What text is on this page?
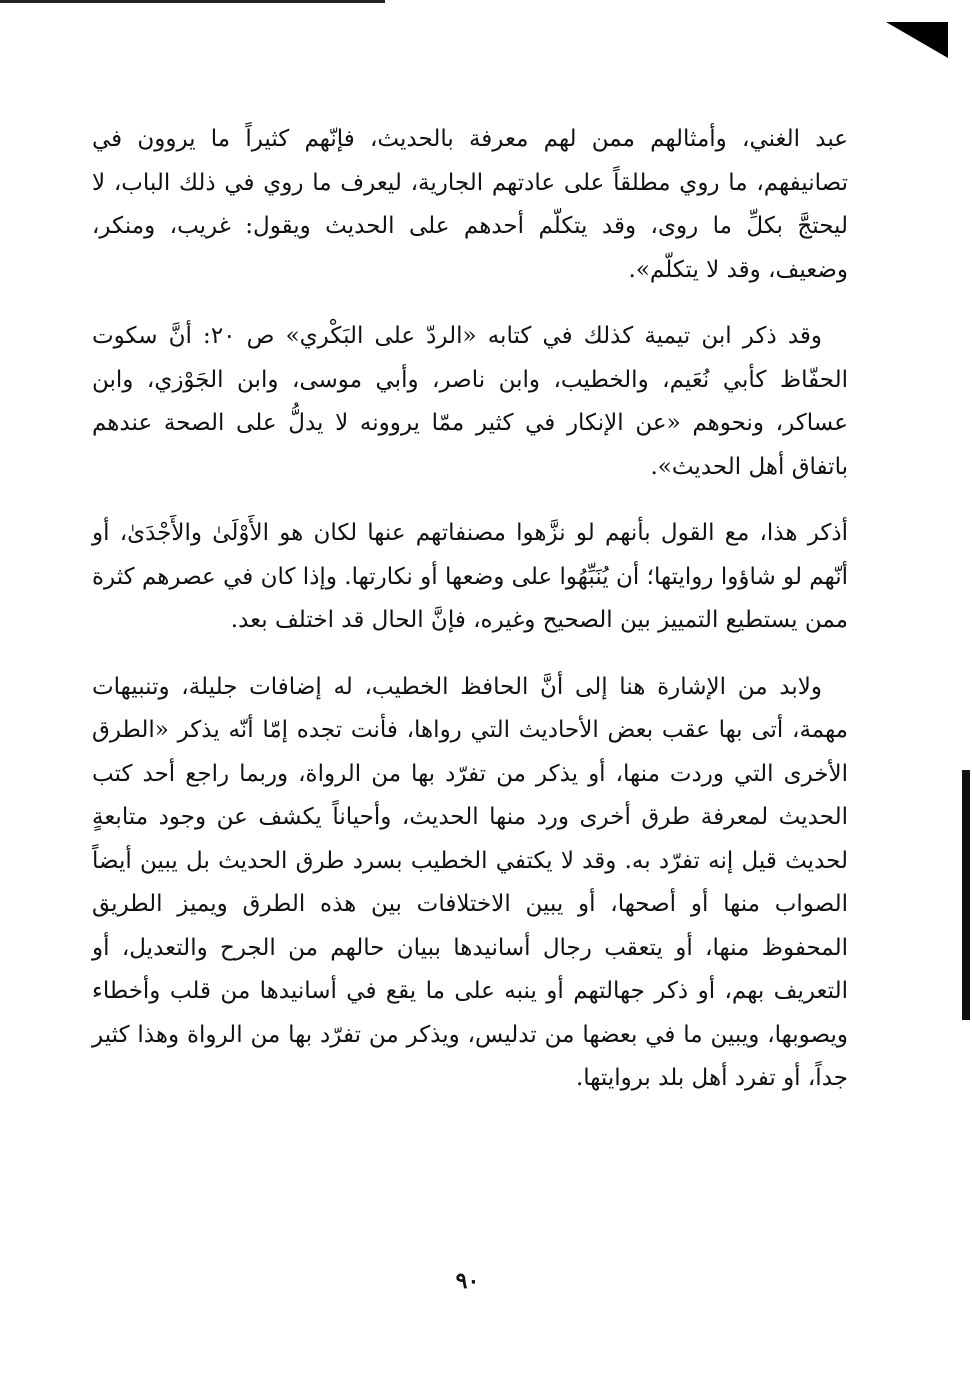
عبد الغني، وأمثالهم ممن لهم معرفة بالحديث، فإنّهم كثيراً ما يروون في تصانيفهم، ما روي مطلقاً على عادتهم الجارية، ليعرف ما روي في ذلك الباب، لا ليحتجَّ بكلِّ ما روى، وقد يتكلّم أحدهم على الحديث ويقول: غريب، ومنكر، وضعيف، وقد لا يتكلّم».

وقد ذكر ابن تيمية كذلك في كتابه «الردّ على البَكْري» ص ٢٠: أنَّ سكوت الحفّاظ كأبي نُعَيم، والخطيب، وابن ناصر، وأبي موسى، وابن الجَوْزي، وابن عساكر، ونحوهم «عن الإنكار في كثير ممّا يروونه لا يدلُّ على الصحة عندهم باتفاق أهل الحديث».

أذكر هذا، مع القول بأنهم لو نزَّهوا مصنفاتهم عنها لكان هو الأَوْلَىٰ والأَجْدَىٰ، أو أنّهم لو شاؤوا روايتها؛ أن يُنَبِّهُوا على وضعها أو نكارتها. وإذا كان في عصرهم كثرة ممن يستطيع التمييز بين الصحيح وغيره، فإنَّ الحال قد اختلف بعد.

ولابد من الإشارة هنا إلى أنَّ الحافظ الخطيب، له إضافات جليلة، وتنبيهات مهمة، أتى بها عقب بعض الأحاديث التي رواها، فأنت تجده إمّا أنّه يذكر «الطرق الأخرى التي وردت منها، أو يذكر من تفرّد بها من الرواة، وربما راجع أحد كتب الحديث لمعرفة طرق أخرى ورد منها الحديث، وأحياناً يكشف عن وجود متابعةٍ لحديث قيل إنه تفرّد به. وقد لا يكتفي الخطيب بسرد طرق الحديث بل يبين أيضاً الصواب منها أو أصحها، أو يبين الاختلافات بين هذه الطرق ويميز الطريق المحفوظ منها، أو يتعقب رجال أسانيدها ببيان حالهم من الجرح والتعديل، أو التعريف بهم، أو ذكر جهالتهم أو ينبه على ما يقع في أسانيدها من قلب وأخطاء ويصوبها، ويبين ما في بعضها من تدليس، ويذكر من تفرّد بها من الرواة وهذا كثير جداً، أو تفرد أهل بلد بروايتها.

٩٠
